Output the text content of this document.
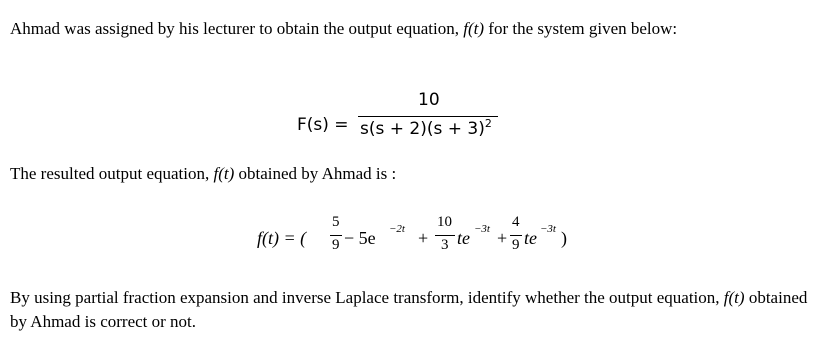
Ahmad was assigned by his lecturer to obtain the output equation, f(t) for the system given below:
F(s) =
10
$s(s + 2)(s + 3)^2$
The resulted output equation, f(t) obtained by Ahmad is :
f(t) = (
5
9 − 5e −2t +
10
3 te −3t +
4
9 te −3t )
By using partial fraction expansion and inverse Laplace transform, identify whether the output equation, f(t) obtained by Ahmad is correct or not.
